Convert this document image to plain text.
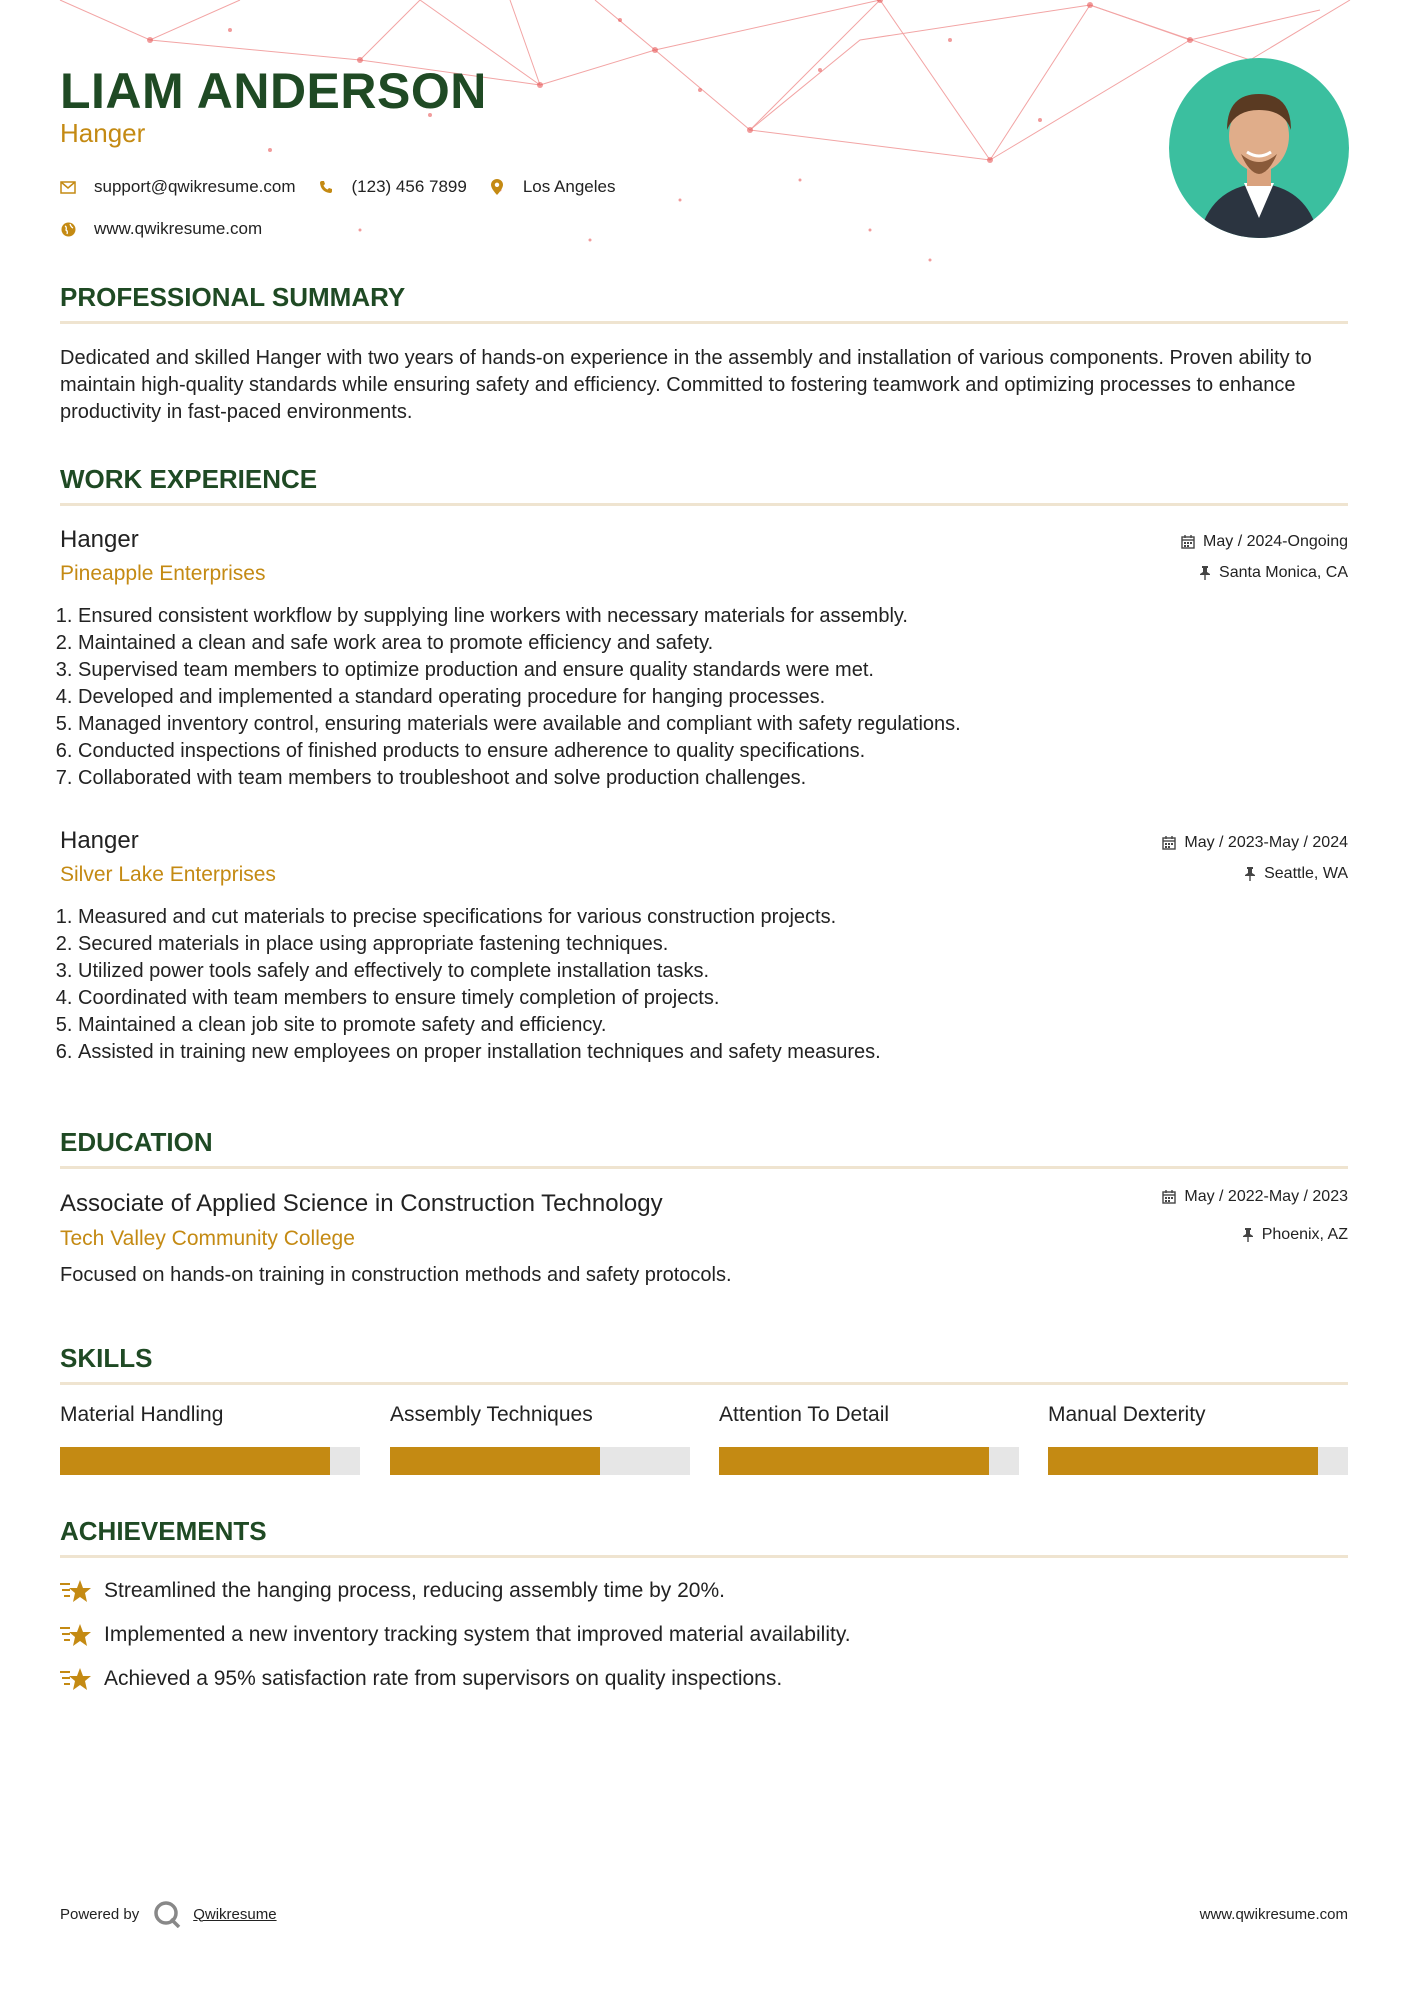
LIAM ANDERSON
Hanger
support@qwikresume.com	(123) 456 7899	Los Angeles
www.qwikresume.com
PROFESSIONAL SUMMARY
Dedicated and skilled Hanger with two years of hands-on experience in the assembly and installation of various components. Proven ability to maintain high-quality standards while ensuring safety and efficiency. Committed to fostering teamwork and optimizing processes to enhance productivity in fast-paced environments.
WORK EXPERIENCE
Hanger
Pineapple Enterprises
May / 2024-Ongoing
Santa Monica, CA
1. Ensured consistent workflow by supplying line workers with necessary materials for assembly.
2. Maintained a clean and safe work area to promote efficiency and safety.
3. Supervised team members to optimize production and ensure quality standards were met.
4. Developed and implemented a standard operating procedure for hanging processes.
5. Managed inventory control, ensuring materials were available and compliant with safety regulations.
6. Conducted inspections of finished products to ensure adherence to quality specifications.
7. Collaborated with team members to troubleshoot and solve production challenges.
Hanger
Silver Lake Enterprises
May / 2023-May / 2024
Seattle, WA
1. Measured and cut materials to precise specifications for various construction projects.
2. Secured materials in place using appropriate fastening techniques.
3. Utilized power tools safely and effectively to complete installation tasks.
4. Coordinated with team members to ensure timely completion of projects.
5. Maintained a clean job site to promote safety and efficiency.
6. Assisted in training new employees on proper installation techniques and safety measures.
EDUCATION
Associate of Applied Science in Construction Technology
Tech Valley Community College
May / 2022-May / 2023
Phoenix, AZ
Focused on hands-on training in construction methods and safety protocols.
SKILLS
Material Handling	Assembly Techniques	Attention To Detail	Manual Dexterity
ACHIEVEMENTS
Streamlined the hanging process, reducing assembly time by 20%.
Implemented a new inventory tracking system that improved material availability.
Achieved a 95% satisfaction rate from supervisors on quality inspections.
Powered by	Qwikresume	www.qwikresume.com
